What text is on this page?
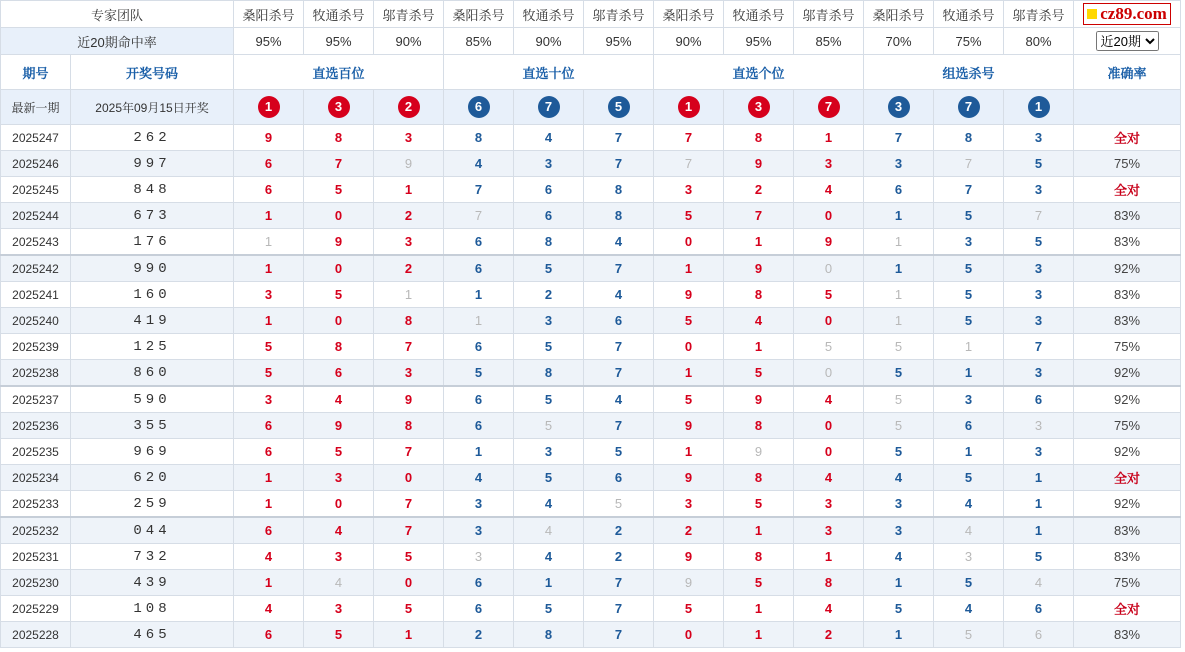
专家团队		桑阳杀号	牧通杀号	邬青杀号	桑阳杀号	牧通杀号	邬青杀号	桑阳杀号	牧通杀号	邬青杀号	桑阳杀号	牧通杀号	邬青杀号	cz89.com

近20期命中率		95%	95%	90%	85%	90%	95%	90%	95%	85%	70%	75%	80%	
近20期
期号	开奖号码	直选百位			直选十位			直选个位			组选杀号			准确率
最新一期	2025年09月15日开奖	1	3	2	6	7	5	1	3	7	3	7	1	
2025247	262	9	8	3	8	4	7	7	8	1	7	8	3	全对
2025246	997	6	7	9	4	3	7	7	9	3	3	7	5	75%
2025245	848	6	5	1	7	6	8	3	2	4	6	7	3	全对
2025244	673	1	0	2	7	6	8	5	7	0	1	5	7	83%
2025243	176	1	9	3	6	8	4	0	1	9	1	3	5	83%
2025242	990	1	0	2	6	5	7	1	9	0	1	5	3	92%
2025241	160	3	5	1	1	2	4	9	8	5	1	5	3	83%
2025240	419	1	0	8	1	3	6	5	4	0	1	5	3	83%
2025239	125	5	8	7	6	5	7	0	1	5	5	1	7	75%
2025238	860	5	6	3	5	8	7	1	5	0	5	1	3	92%
2025237	590	3	4	9	6	5	4	5	9	4	5	3	6	92%
2025236	355	6	9	8	6	5	7	9	8	0	5	6	3	75%
2025235	969	6	5	7	1	3	5	1	9	0	5	1	3	92%
2025234	620	1	3	0	4	5	6	9	8	4	4	5	1	全对
2025233	259	1	0	7	3	4	5	3	5	3	3	4	1	92%
2025232	044	6	4	7	3	4	2	2	1	3	3	4	1	83%
2025231	732	4	3	5	3	4	2	9	8	1	4	3	5	83%
2025230	439	1	4	0	6	1	7	9	5	8	1	5	4	75%
2025229	108	4	3	5	6	5	7	5	1	4	5	4	6	全对
2025228	465	6	5	1	2	8	7	0	1	2	1	5	6	83%
